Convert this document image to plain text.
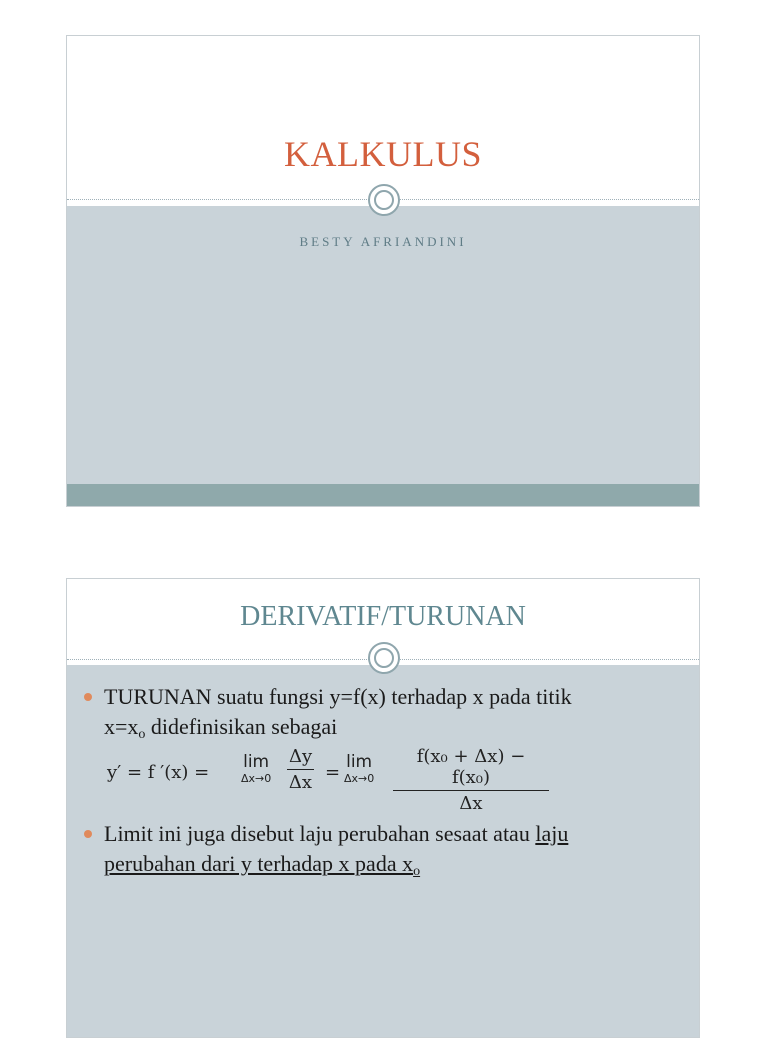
KALKULUS
BESTY AFRIANDINI
DERIVATIF/TURUNAN
TURUNAN suatu fungsi y=f(x) terhadap x pada titik
$x=x_o$ didefinisikan sebagai
y′ = f ′(x) = lim
$\Delta x\to 0 \frac{\Delta y}{\Delta x} = \lim$
$\Delta x\to 0 \frac{\text{f(x₀ + Δx) − f(x₀)}}{\Delta x}$
Limit ini juga disebut laju perubahan sesaat atau laju
perubahan dari y terhadap x pada $x_o$
